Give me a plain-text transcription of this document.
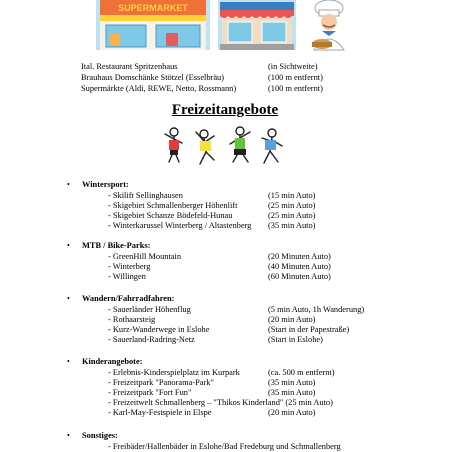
SUPERMARKET
Ital. Restaurant Spritzenhaus	(in Sichtweite)
Brauhaus Domschänke Stötzel (Esselbräu)	(100 m entfernt)
Supermärkte (Aldi, REWE, Netto, Rossmann)	(100 m entfernt)
Freizeitangebote
• Wintersport:
- Skilift Sellinghausen	(15 min Auto)
- Skigebiet Schmallenberger Höhenlift	(25 min Auto)
- Skigebiet Schanze Bödefeld-Hunau	(25 min Auto)
- Winterkarussel Winterberg / Altastenberg (35 min Auto)
• MTB / Bike-Parks:
- GreenHill Mountain	(20 Minuten Auto)
- Winterberg	(40 Minuten Auto)
- Willingen	(60 Minuten Auto)
• Wandern/Fahrradfahren:
- Sauerländer Höhenflug	(5 min Auto, 1h Wanderung)
- Rothaarsteig	(20 min Auto)
- Kurz-Wanderwege in Eslohe	(Start in der Papestraße)
- Sauerland-Radring-Netz	(Start in Eslohe)
• Kinderangebote:
- Erlebnis-Kinderspielplatz im Kurpark	(ca. 500 m entfernt)
- Freizeitpark "Panorama-Park"	(35 min Auto)
- Freizeitpark "Fort Fun"	(35 min Auto)
- Freizeitwelt Schmallenberg – "Thikos Kinderland" (25 min Auto)
- Karl-May-Festspiele in Elspe	(20 min Auto)
• Sonstiges:
- Freibäder/Hallenbäder in Eslohe/Bad Fredeburg und Schmallenberg
